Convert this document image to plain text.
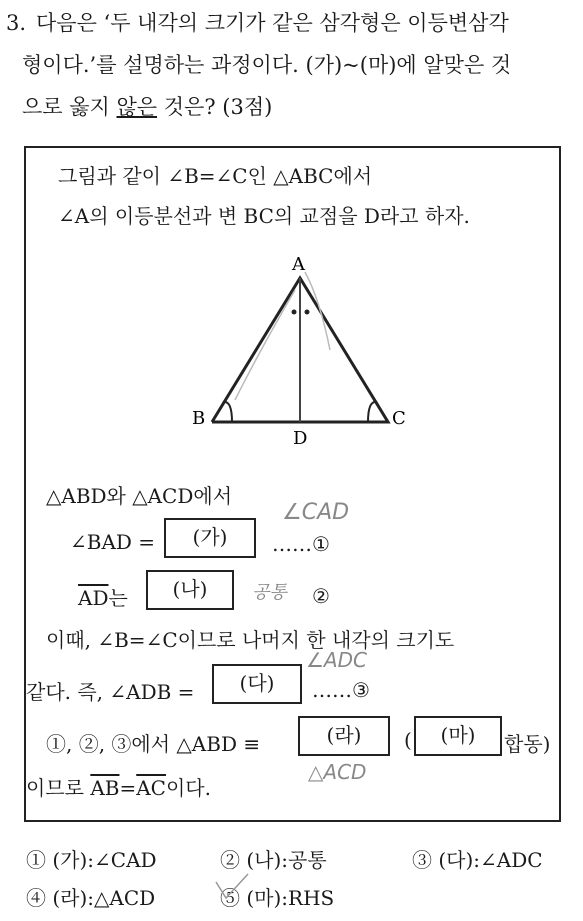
3. 다음은 ‘두 내각의 크기가 같은 삼각형은 이등변삼각
형이다.’를 설명하는 과정이다. (가)~(마)에 알맞은 것
으로 옳지 않은 것은? (3점)
그림과 같이 ∠B=∠C인 △ABC에서
∠A의 이등분선과 변 BC의 교점을 D라고 하자.
A
B	C
D
△ABD와 △ACD에서
∠BAD =	(가)	……①
∠CAD
$\overline{AD}$는	(나)	공통 ②
이때, ∠B=∠C이므로 나머지 한 내각의 크기도
같다. 즉, ∠ADB =	(다)	……③
∠ADC
①, ②, ③에서 △ABD ≡	(라)	(	(마)	합동)
△ACD
이므로 $\overline{AB}=\overline{AC}$이다.
① (가):∠CAD	② (나):공통	③ (다):∠ADC
④ (라):△ACD	⑤ (마):RHS
